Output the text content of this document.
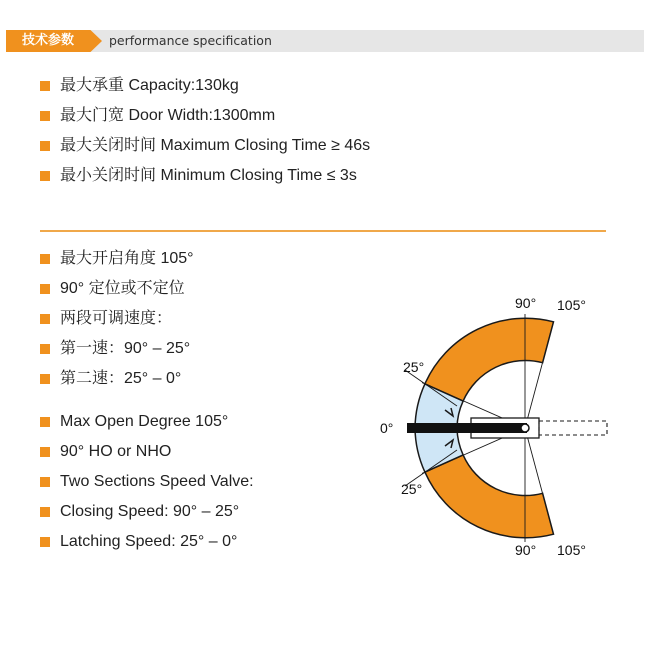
技术参数	performance specification
最大承重 Capacity:130kg
最大门宽 Door Width:1300mm
最大关闭时间 Maximum Closing Time ≥ 46s
最小关闭时间 Minimum Closing Time ≤ 3s
最大开启角度 105°
90° 定位或不定位
两段可调速度：
第一速：90° – 25°
第二速：25° – 0°
Max Open Degree 105°
90° HO or NHO
Two Sections Speed Valve:
Closing Speed: 90° – 25°
Latching Speed: 25° – 0°
90° 105°
25°
0°
25°
90° 105°
